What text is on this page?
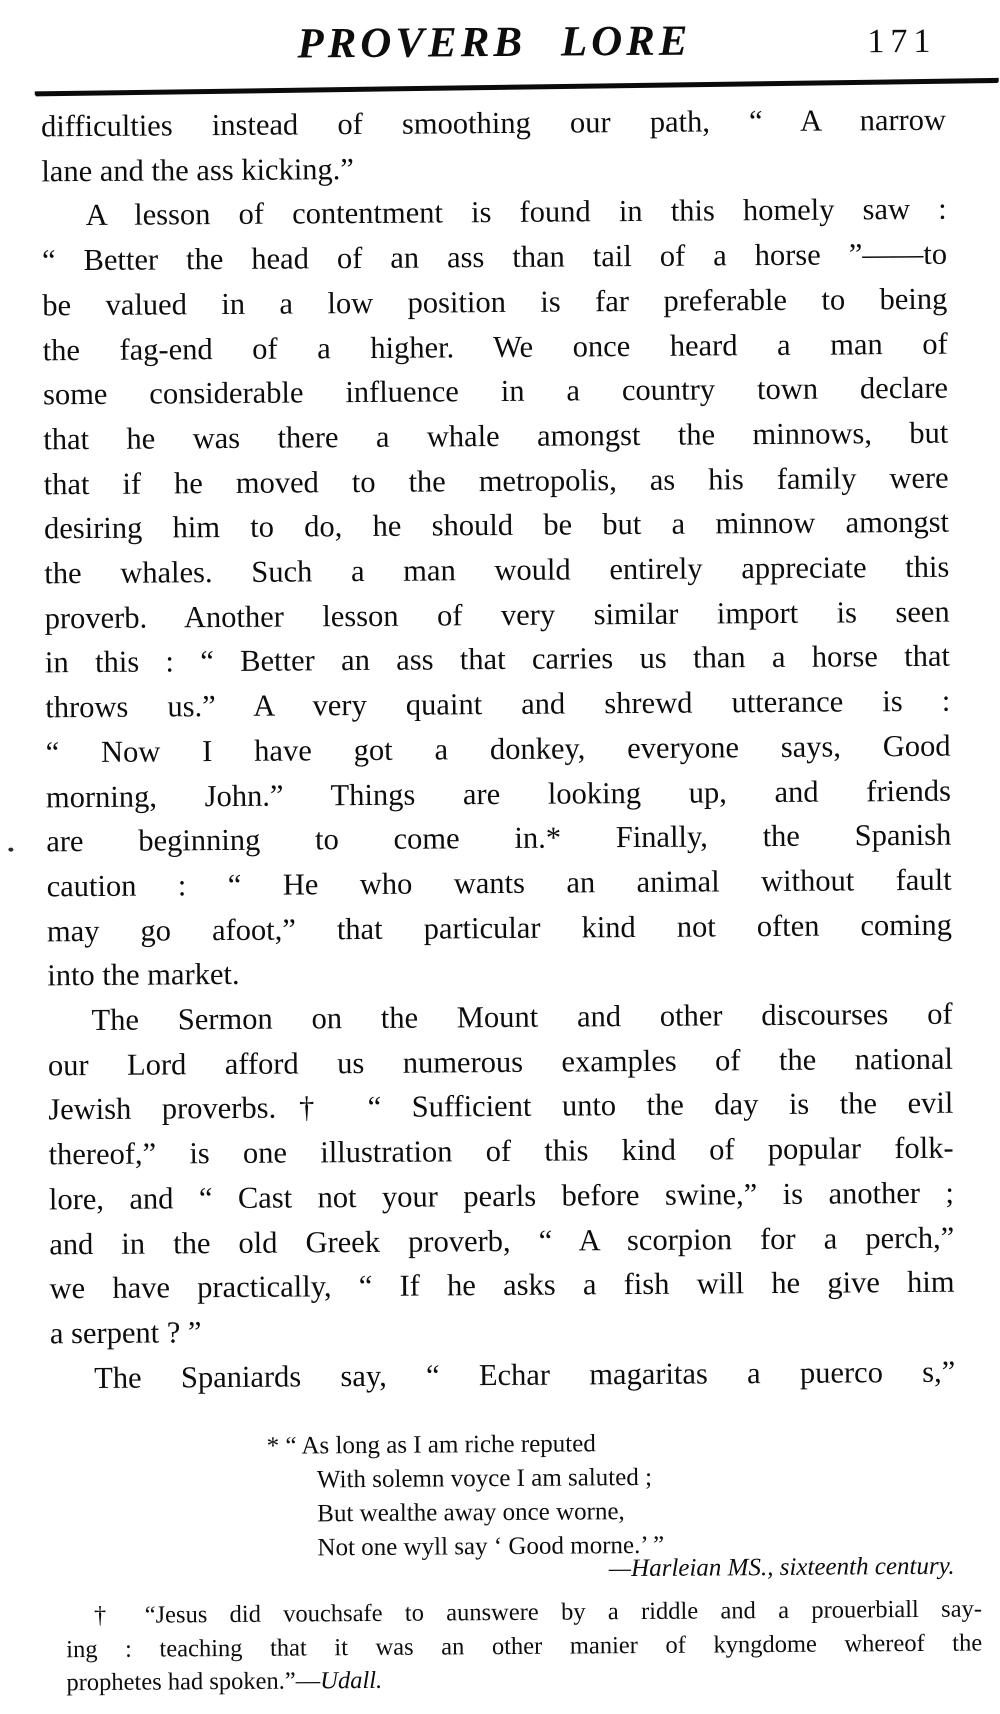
PROVERB LORE	171
difficulties instead of smoothing our path, “ A narrow
lane and the ass kicking.”
A lesson of contentment is found in this homely saw :
“ Better the head of an ass than tail of a horse ”——to
be valued in a low position is far preferable to being
the fag-end of a higher. We once heard a man of
some considerable influence in a country town declare
that he was there a whale amongst the minnows, but
that if he moved to the metropolis, as his family were
desiring him to do, he should be but a minnow amongst
the whales. Such a man would entirely appreciate this
proverb. Another lesson of very similar import is seen
in this : “ Better an ass that carries us than a horse that
throws us.” A very quaint and shrewd utterance is :
“ Now I have got a donkey, everyone says, Good
morning, John.” Things are looking up, and friends
are beginning to come in.* Finally, the Spanish
caution : “ He who wants an animal without fault
may go afoot,” that particular kind not often coming
into the market.
The Sermon on the Mount and other discourses of
our Lord afford us numerous examples of the national
Jewish proverbs.† “ Sufficient unto the day is the evil
thereof,” is one illustration of this kind of popular folk-
lore, and “ Cast not your pearls before swine,” is another ;
and in the old Greek proverb, “ A scorpion for a perch,”
we have practically, “ If he asks a fish will he give him
a serpent ? ”
The Spaniards say, “ Echar magaritas a puerco s,”
* “ As long as I am riche reputed
With solemn voyce I am saluted ;
But wealthe away once worne,
Not one wyll say ‘ Good morne.’ ”
—Harleian MS., sixteenth century.
† “Jesus did vouchsafe to aunswere by a riddle and a prouerbiall say-
ing : teaching that it was an other manier of kyngdome whereof the
prophetes had spoken.”—Udall.
